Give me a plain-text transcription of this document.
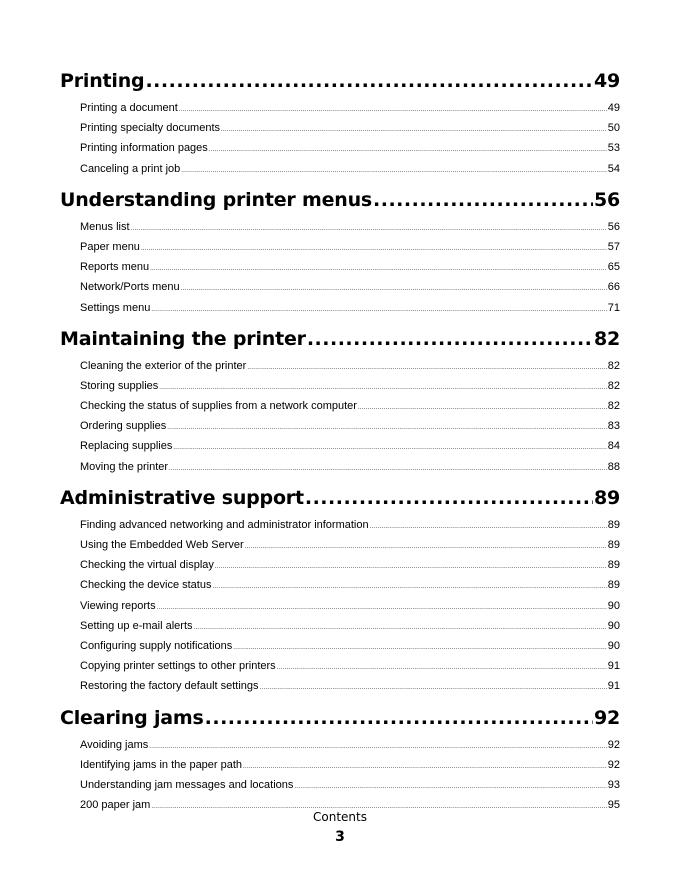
Printing .....	49
Printing a document .....	49
Printing specialty documents .....	50
Printing information pages .....	53
Canceling a print job .....	54
Understanding printer menus .....	56
Menus list .....	56
Paper menu .....	57
Reports menu .....	65
Network/Ports menu .....	66
Settings menu .....	71
Maintaining the printer .....	82
Cleaning the exterior of the printer .....	82
Storing supplies .....	82
Checking the status of supplies from a network computer .....	82
Ordering supplies .....	83
Replacing supplies .....	84
Moving the printer .....	88
Administrative support .....	89
Finding advanced networking and administrator information .....	89
Using the Embedded Web Server .....	89
Checking the virtual display .....	89
Checking the device status .....	89
Viewing reports .....	90
Setting up e-mail alerts .....	90
Configuring supply notifications .....	90
Copying printer settings to other printers .....	91
Restoring the factory default settings .....	91
Clearing jams .....	92
Avoiding jams .....	92
Identifying jams in the paper path .....	92
Understanding jam messages and locations .....	93
200 paper jam .....	95
Contents
3
